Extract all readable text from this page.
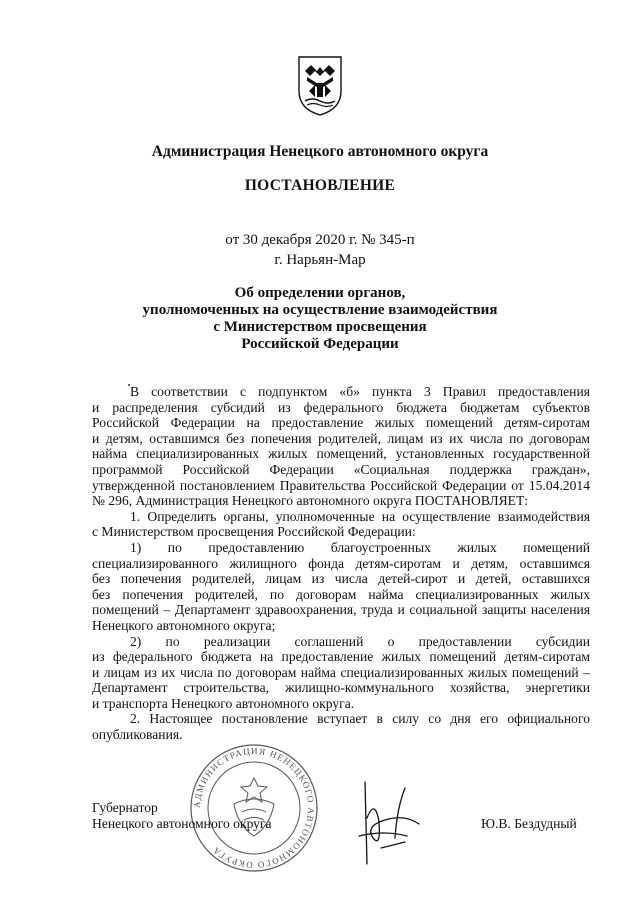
Администрация Ненецкого автономного округа
ПОСТАНОВЛЕНИЕ
от 30 декабря 2020 г. № 345-п
г. Нарьян-Мар
Об определении органов,
уполномоченных на осуществление взаимодействия
с Министерством просвещения
Российской Федерации
В соответствии с подпунктом «б» пункта 3 Правил предоставления
и распределения субсидий из федерального бюджета бюджетам субъектов
Российской Федерации на предоставление жилых помещений детям-сиротам
и детям, оставшимся без попечения родителей, лицам из их числа по договорам
найма специализированных жилых помещений, установленных государственной
программой Российской Федерации «Социальная поддержка граждан»,
утвержденной постановлением Правительства Российской Федерации от 15.04.2014
№ 296, Администрация Ненецкого автономного округа ПОСТАНОВЛЯЕТ:
1. Определить органы, уполномоченные на осуществление взаимодействия
с Министерством просвещения Российской Федерации:
1) по предоставлению благоустроенных жилых помещений
специализированного жилищного фонда детям-сиротам и детям, оставшимся
без попечения родителей, лицам из числа детей-сирот и детей, оставшихся
без попечения родителей, по договорам найма специализированных жилых
помещений – Департамент здравоохранения, труда и социальной защиты населения
Ненецкого автономного округа;
2) по реализации соглашений о предоставлении субсидии
из федерального бюджета на предоставление жилых помещений детям-сиротам
и лицам из их числа по договорам найма специализированных жилых помещений –
Департамент строительства, жилищно-коммунального хозяйства, энергетики
и транспорта Ненецкого автономного округа.
2. Настоящее постановление вступает в силу со дня его официального
опубликования.
АДМИНИСТРАЦИЯ НЕНЕЦКОГО АВТОНОМНОГО ОКРУГА
Губернатор
Ненецкого автономного округа	Ю.В. Бездудный
